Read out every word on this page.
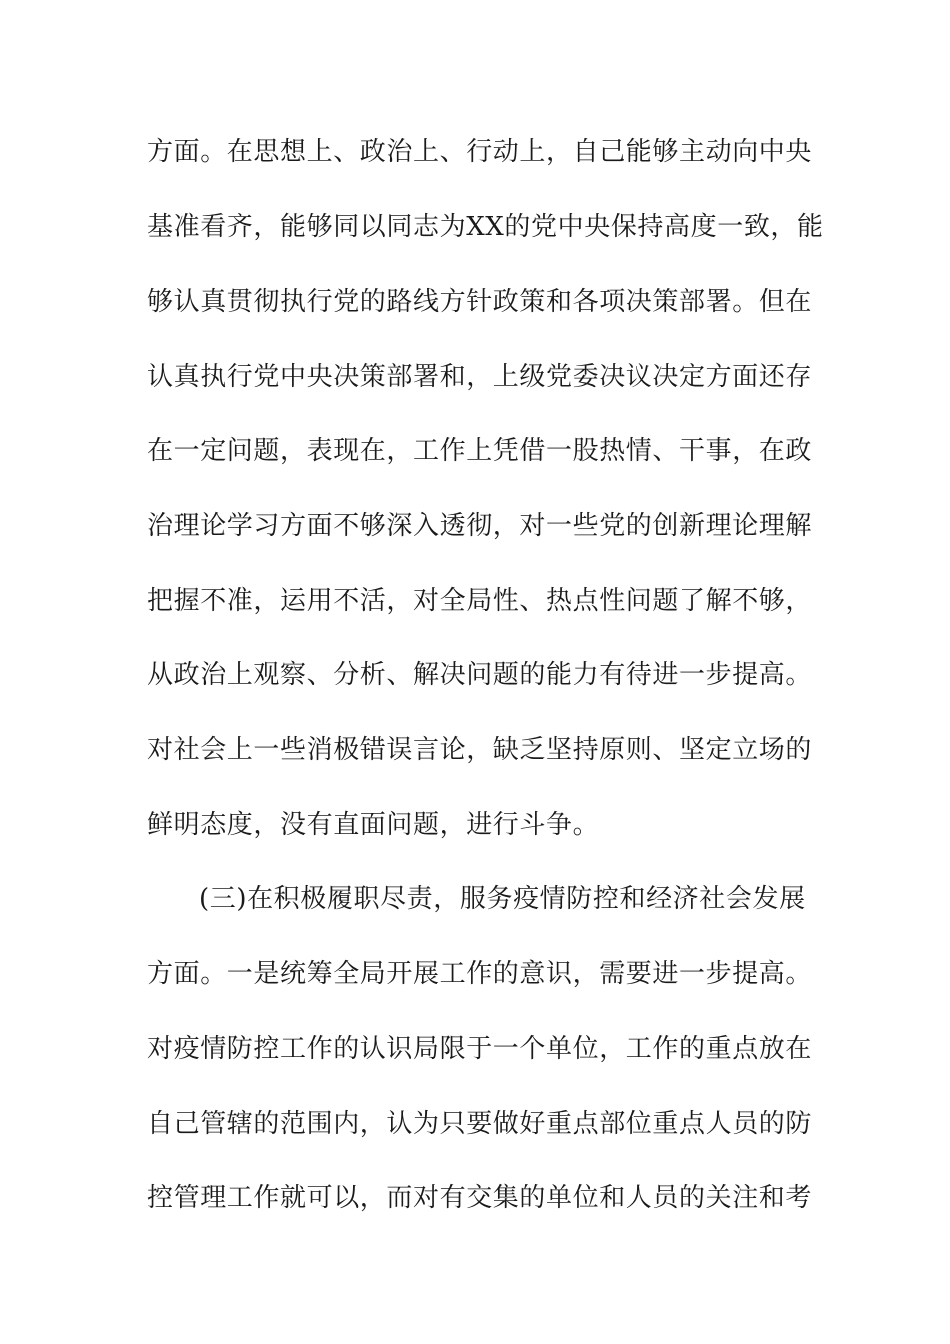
方面。在思想上、政治上、行动上，自己能够主动向中央
基准看齐，能够同以同志为XX的党中央保持高度一致，能
够认真贯彻执行党的路线方针政策和各项决策部署。但在
认真执行党中央决策部署和，上级党委决议决定方面还存
在一定问题，表现在，工作上凭借一股热情、干事，在政
治理论学习方面不够深入透彻，对一些党的创新理论理解
把握不准，运用不活，对全局性、热点性问题了解不够，
从政治上观察、分析、解决问题的能力有待进一步提高。
对社会上一些消极错误言论，缺乏坚持原则、坚定立场的
鲜明态度，没有直面问题，进行斗争。
(三)在积极履职尽责，服务疫情防控和经济社会发展
方面。一是统筹全局开展工作的意识，需要进一步提高。
对疫情防控工作的认识局限于一个单位，工作的重点放在
自己管辖的范围内，认为只要做好重点部位重点人员的防
控管理工作就可以，而对有交集的单位和人员的关注和考
